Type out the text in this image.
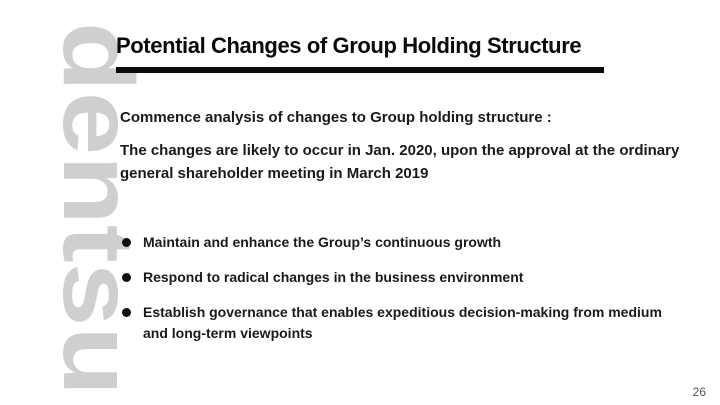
dentsu
Potential Changes of Group Holding Structure

Commence analysis of changes to Group holding structure :

The changes are likely to occur in Jan. 2020, upon the approval at the ordinary general shareholder meeting in March 2019

Maintain and enhance the Group’s continuous growth
Respond to radical changes in the business environment
Establish governance that enables expeditious decision-making from medium and long-term viewpoints
26
